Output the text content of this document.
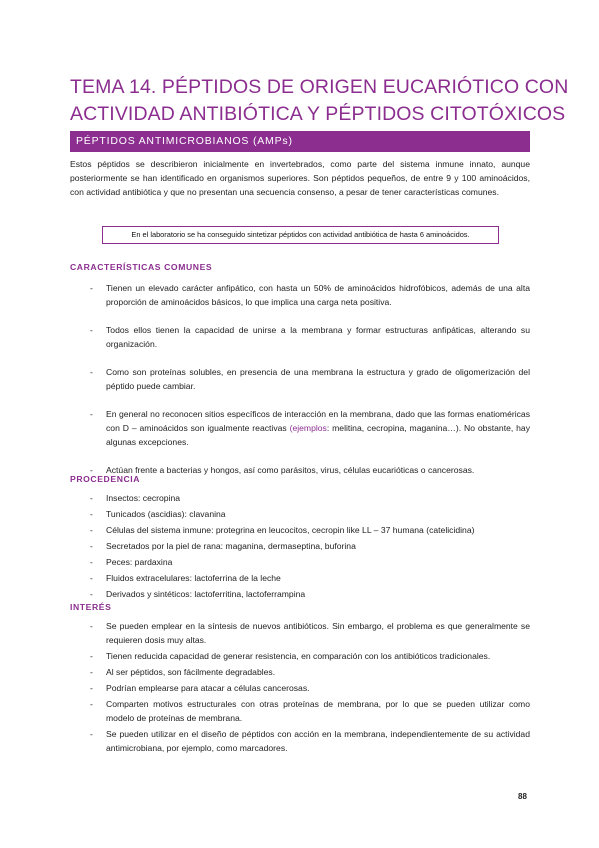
TEMA 14. PÉPTIDOS DE ORIGEN EUCARIÓTICO CON
ACTIVIDAD ANTIBIÓTICA Y PÉPTIDOS CITOTÓXICOS
PÉPTIDOS ANTIMICROBIANOS (AMPs)
Estos péptidos se describieron inicialmente en invertebrados, como parte del sistema inmune innato, aunque posteriormente se han identificado en organismos superiores. Son péptidos pequeños, de entre 9 y 100 aminoácidos, con actividad antibiótica y que no presentan una secuencia consenso, a pesar de tener características comunes.
En el laboratorio se ha conseguido sintetizar péptidos con actividad antibiótica de hasta 6 aminoácidos.
CARACTERÍSTICAS COMUNES
- Tienen un elevado carácter anfipático, con hasta un 50% de aminoácidos hidrofóbicos, además de una alta proporción de aminoácidos básicos, lo que implica una carga neta positiva.
- Todos ellos tienen la capacidad de unirse a la membrana y formar estructuras anfipáticas, alterando su organización.
- Como son proteínas solubles, en presencia de una membrana la estructura y grado de oligomerización del péptido puede cambiar.
- En general no reconocen sitios específicos de interacción en la membrana, dado que las formas enatioméricas con D – aminoácidos son igualmente reactivas (ejemplos: melitina, cecropina, maganina…). No obstante, hay algunas excepciones.
- Actúan frente a bacterias y hongos, así como parásitos, virus, células eucarióticas o cancerosas.
PROCEDENCIA
- Insectos: cecropina
- Tunicados (ascidias): clavanina
- Células del sistema inmune: protegrina en leucocitos, cecropin like LL – 37 humana (catelicidina)
- Secretados por la piel de rana: maganina, dermaseptina, buforina
- Peces: pardaxina
- Fluidos extracelulares: lactoferrina de la leche
- Derivados y sintéticos: lactoferritina, lactoferrampina
INTERÉS
- Se pueden emplear en la síntesis de nuevos antibióticos. Sin embargo, el problema es que generalmente se requieren dosis muy altas.
- Tienen reducida capacidad de generar resistencia, en comparación con los antibióticos tradicionales.
- Al ser péptidos, son fácilmente degradables.
- Podrían emplearse para atacar a células cancerosas.
- Comparten motivos estructurales con otras proteínas de membrana, por lo que se pueden utilizar como modelo de proteínas de membrana.
- Se pueden utilizar en el diseño de péptidos con acción en la membrana, independientemente de su actividad antimicrobiana, por ejemplo, como marcadores.
88
